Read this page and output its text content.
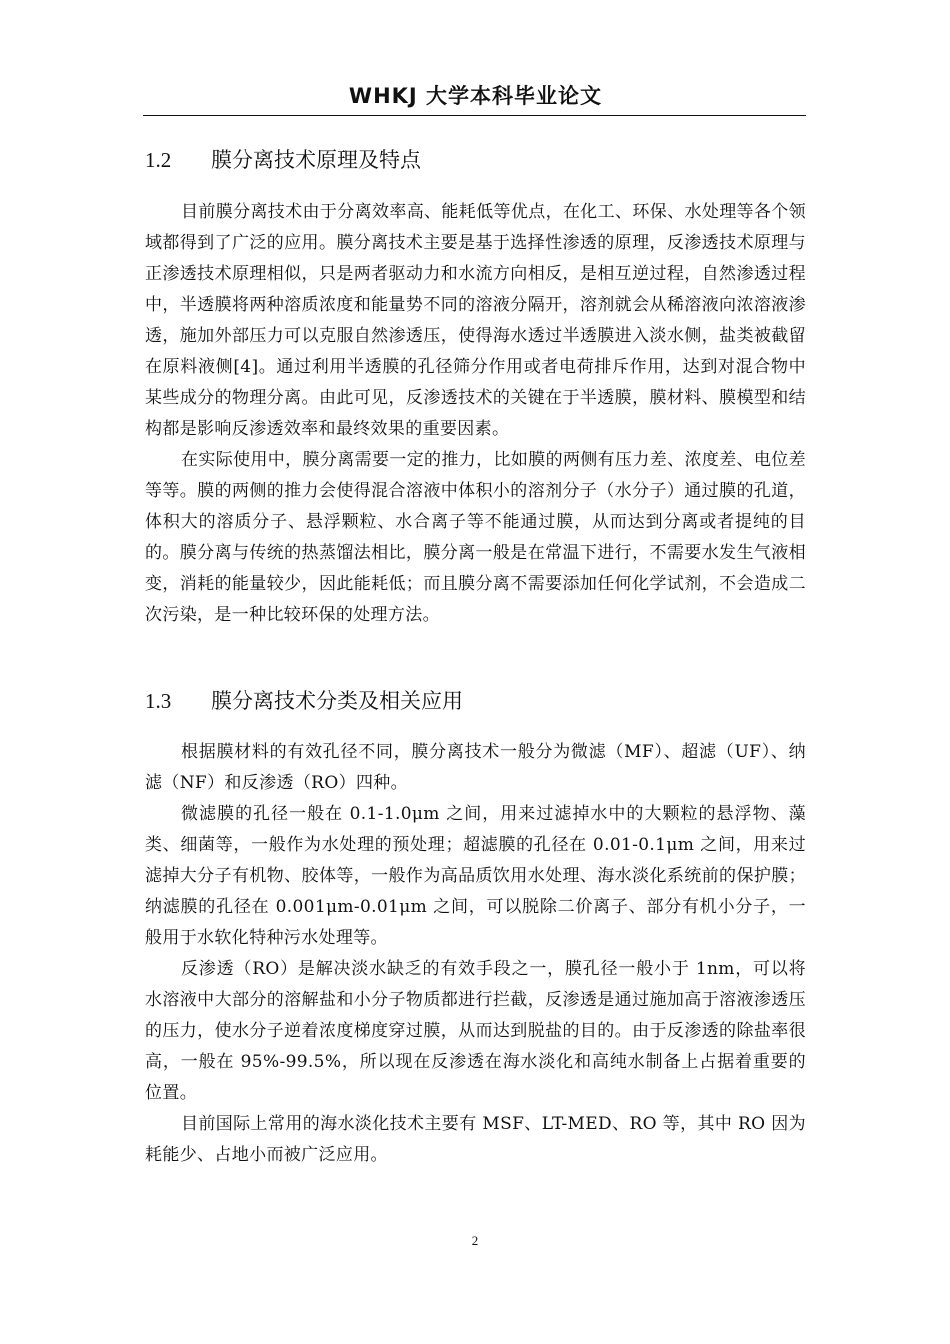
WHKJ 大学本科毕业论文
1.2 膜分离技术原理及特点

目前膜分离技术由于分离效率高、能耗低等优点，在化工、环保、水处理等各个领域都得到了广泛的应用。膜分离技术主要是基于选择性渗透的原理，反渗透技术原理与正渗透技术原理相似，只是两者驱动力和水流方向相反，是相互逆过程，自然渗透过程中，半透膜将两种溶质浓度和能量势不同的溶液分隔开，溶剂就会从稀溶液向浓溶液渗透，施加外部压力可以克服自然渗透压，使得海水透过半透膜进入淡水侧，盐类被截留在原料液侧[4]。通过利用半透膜的孔径筛分作用或者电荷排斥作用，达到对混合物中某些成分的物理分离。由此可见，反渗透技术的关键在于半透膜，膜材料、膜模型和结构都是影响反渗透效率和最终效果的重要因素。

在实际使用中，膜分离需要一定的推力，比如膜的两侧有压力差、浓度差、电位差等等。膜的两侧的推力会使得混合溶液中体积小的溶剂分子（水分子）通过膜的孔道，体积大的溶质分子、悬浮颗粒、水合离子等不能通过膜，从而达到分离或者提纯的目的。膜分离与传统的热蒸馏法相比，膜分离一般是在常温下进行，不需要水发生气液相变，消耗的能量较少，因此能耗低；而且膜分离不需要添加任何化学试剂，不会造成二次污染，是一种比较环保的处理方法。

1.3 膜分离技术分类及相关应用

根据膜材料的有效孔径不同，膜分离技术一般分为微滤（MF）、超滤（UF）、纳滤（NF）和反渗透（RO）四种。

微滤膜的孔径一般在 0.1-1.0μm 之间，用来过滤掉水中的大颗粒的悬浮物、藻类、细菌等，一般作为水处理的预处理；超滤膜的孔径在 0.01-0.1μm 之间，用来过滤掉大分子有机物、胶体等，一般作为高品质饮用水处理、海水淡化系统前的保护膜；纳滤膜的孔径在 0.001μm-0.01μm 之间，可以脱除二价离子、部分有机小分子，一般用于水软化特种污水处理等。

反渗透（RO）是解决淡水缺乏的有效手段之一，膜孔径一般小于 1nm，可以将水溶液中大部分的溶解盐和小分子物质都进行拦截，反渗透是通过施加高于溶液渗透压的压力，使水分子逆着浓度梯度穿过膜，从而达到脱盐的目的。由于反渗透的除盐率很高，一般在 95%-99.5%，所以现在反渗透在海水淡化和高纯水制备上占据着重要的位置。

目前国际上常用的海水淡化技术主要有 MSF、LT-MED、RO 等，其中 RO 因为耗能少、占地小而被广泛应用。

2
